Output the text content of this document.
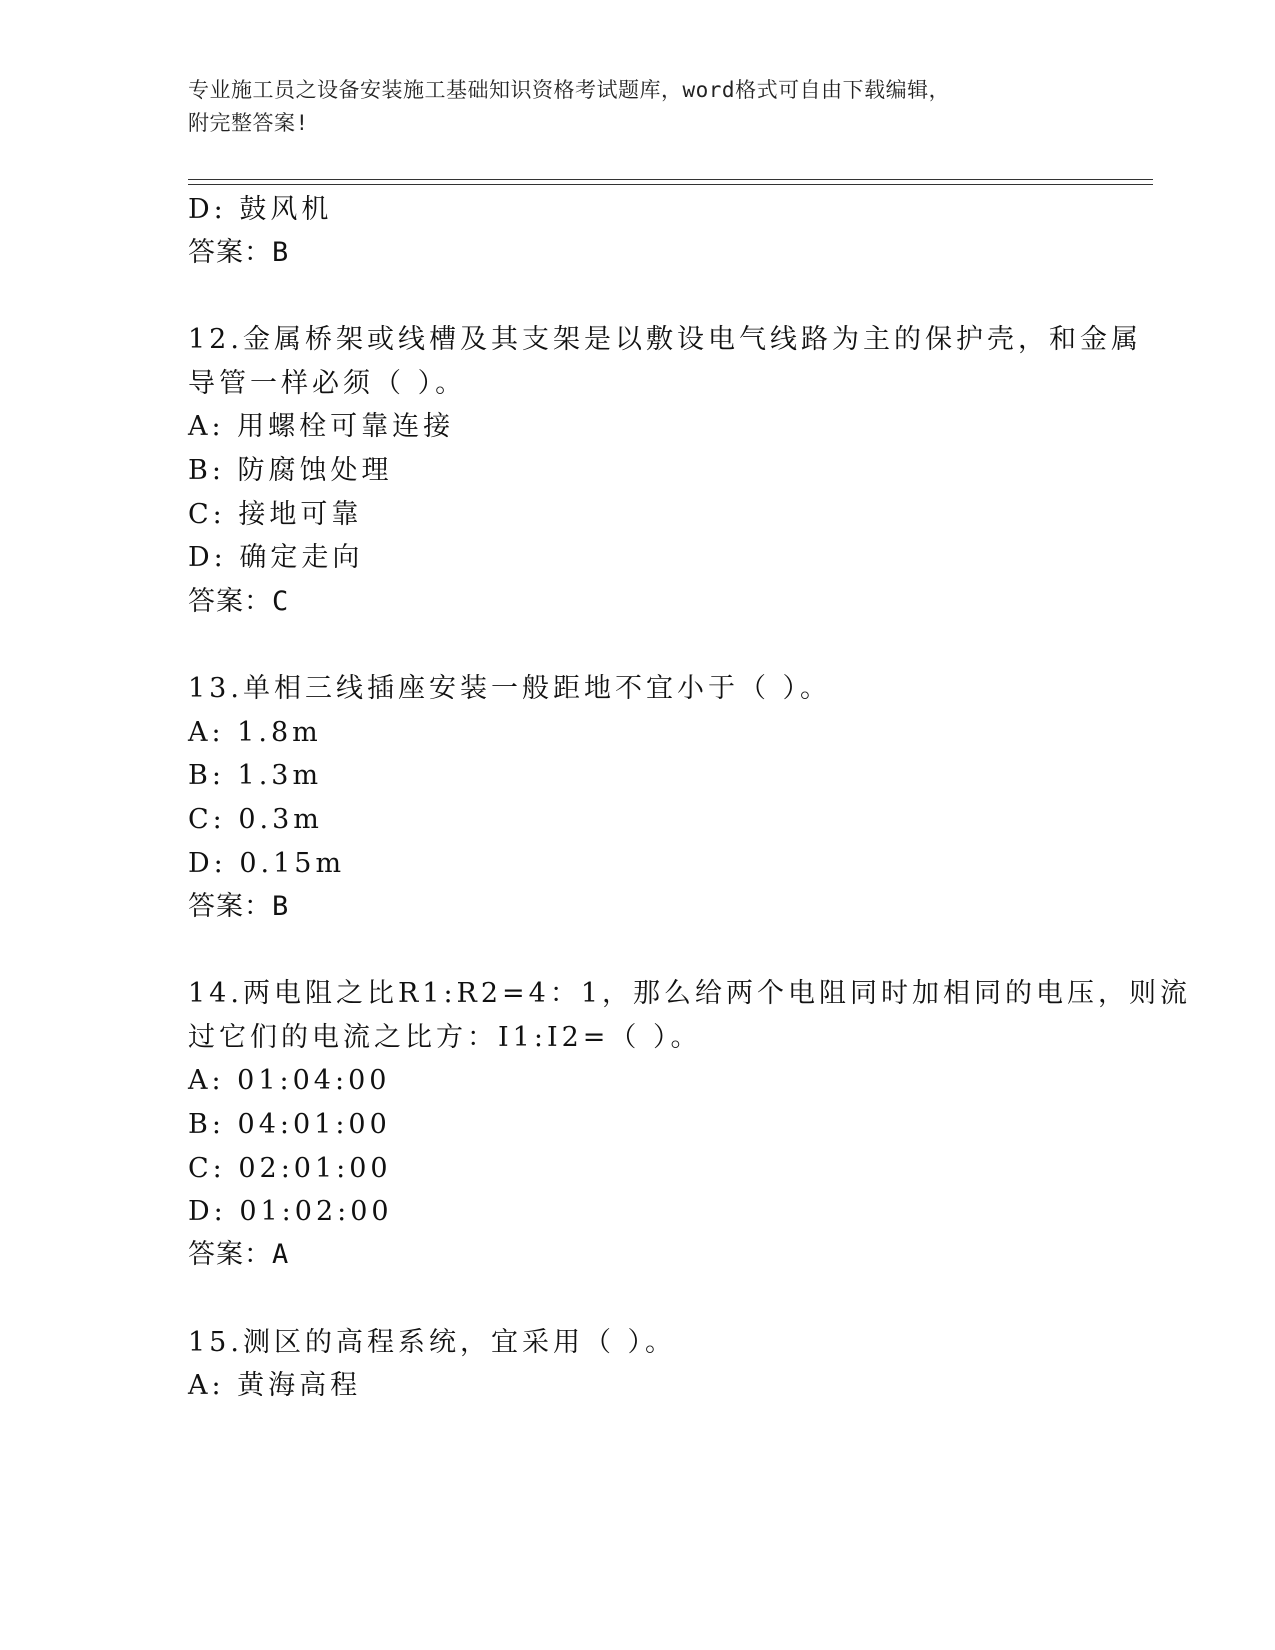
专业施工员之设备安装施工基础知识资格考试题库，word格式可自由下载编辑，
附完整答案!
D: 鼓风机
答案：B
12.金属桥架或线槽及其支架是以敷设电气线路为主的保护壳，和金属
导管一样必须（ ）。
A: 用螺栓可靠连接
B: 防腐蚀处理
C: 接地可靠
D: 确定走向
答案：C
13.单相三线插座安装一般距地不宜小于（ ）。
A: 1.8m
B: 1.3m
C: 0.3m
D: 0.15m
答案：B
14.两电阻之比R1:R2=4：1，那么给两个电阻同时加相同的电压，则流
过它们的电流之比方：I1:I2=（ ）。
A: 01:04:00
B: 04:01:00
C: 02:01:00
D: 01:02:00
答案：A
15.测区的高程系统，宜采用（ ）。
A: 黄海高程
